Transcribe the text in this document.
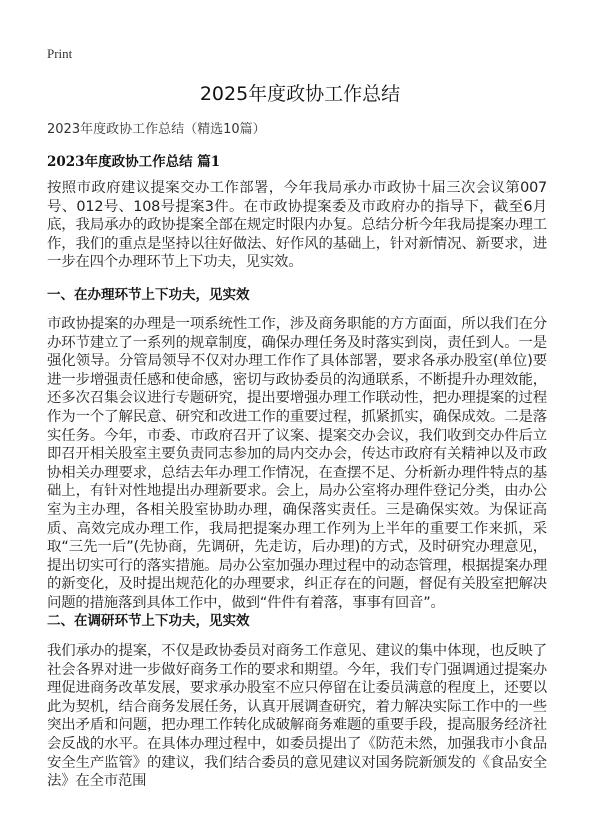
Print
2025年度政协工作总结
2023年度政协工作总结（精选10篇）
2023年度政协工作总结 篇1

按照市政府建议提案交办工作部署，今年我局承办市政协十届三次会议第007号、012号、108号提案3件。在市政协提案委及市政府办的指导下，截至6月底，我局承办的政协提案全部在规定时限内办复。总结分析今年我局提案办理工作，我们的重点是坚持以往好做法、好作风的基础上，针对新情况、新要求，进一步在四个办理环节上下功夫，见实效。

一、在办理环节上下功夫，见实效

市政协提案的办理是一项系统性工作，涉及商务职能的方方面面，所以我们在分办环节建立了一系列的规章制度，确保办理任务及时落实到岗，责任到人。一是强化领导。分管局领导不仅对办理工作作了具体部署，要求各承办股室(单位)要进一步增强责任感和使命感，密切与政协委员的沟通联系，不断提升办理效能，还多次召集会议进行专题研究，提出要增强办理工作联动性，把办理提案的过程作为一个了解民意、研究和改进工作的重要过程，抓紧抓实，确保成效。二是落实任务。今年，市委、市政府召开了议案、提案交办会议，我们收到交办件后立即召开相关股室主要负责同志参加的局内交办会，传达市政府有关精神以及市政协相关办理要求，总结去年办理工作情况，在查摆不足、分析新办理件特点的基础上，有针对性地提出办理新要求。会上，局办公室将办理件登记分类，由办公室为主办理，各相关股室协助办理，确保落实责任。三是确保实效。为保证高质、高效完成办理工作，我局把提案办理工作列为上半年的重要工作来抓，采取“三先一后”(先协商，先调研，先走访，后办理)的方式，及时研究办理意见，提出切实可行的落实措施。局办公室加强办理过程中的动态管理，根据提案办理的新变化，及时提出规范化的办理要求，纠正存在的问题，督促有关股室把解决问题的措施落到具体工作中，做到“件件有着落，事事有回音”。

二、在调研环节上下功夫，见实效

我们承办的提案，不仅是政协委员对商务工作意见、建议的集中体现，也反映了社会各界对进一步做好商务工作的要求和期望。今年，我们专门强调通过提案办理促进商务改革发展，要求承办股室不应只停留在让委员满意的程度上，还要以此为契机，结合商务发展任务，认真开展调查研究，着力解决实际工作中的一些突出矛盾和问题，把办理工作转化成破解商务难题的重要手段，提高服务经济社会反战的水平。在具体办理过程中，如委员提出了《防范未然，加强我市小食品安全生产监管》的建议，我们结合委员的意见建议对国务院新颁发的《食品安全法》在全市范围
